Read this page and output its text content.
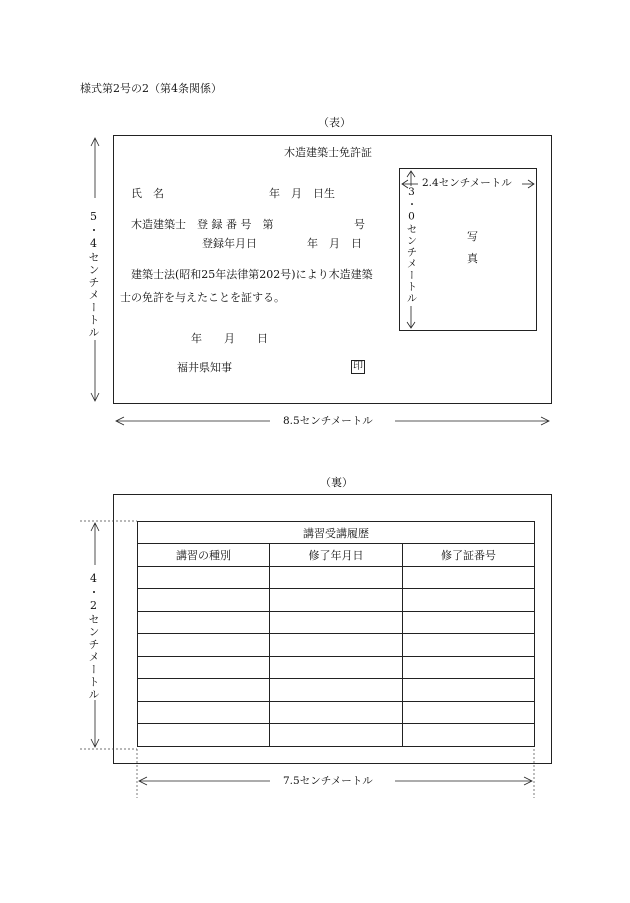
様式第2号の2（第4条関係）
（表）
木造建築士免許証
氏　名	年　月　日生
木造建築士　登 録 番 号　第	号
登録年月日	年　月　日
建築士法(昭和25年法律第202号)により木造建築
士の免許を与えたことを証する。
年　　月　　日
福井県知事	印
写
真
2.4センチメートル
3・0センチメートル
5・4センチメートル
8.5センチメートル
（裏）
講習受講履歴		
講習の種別	修了年月日	修了証番号

4・2センチメートル
7.5センチメートル
